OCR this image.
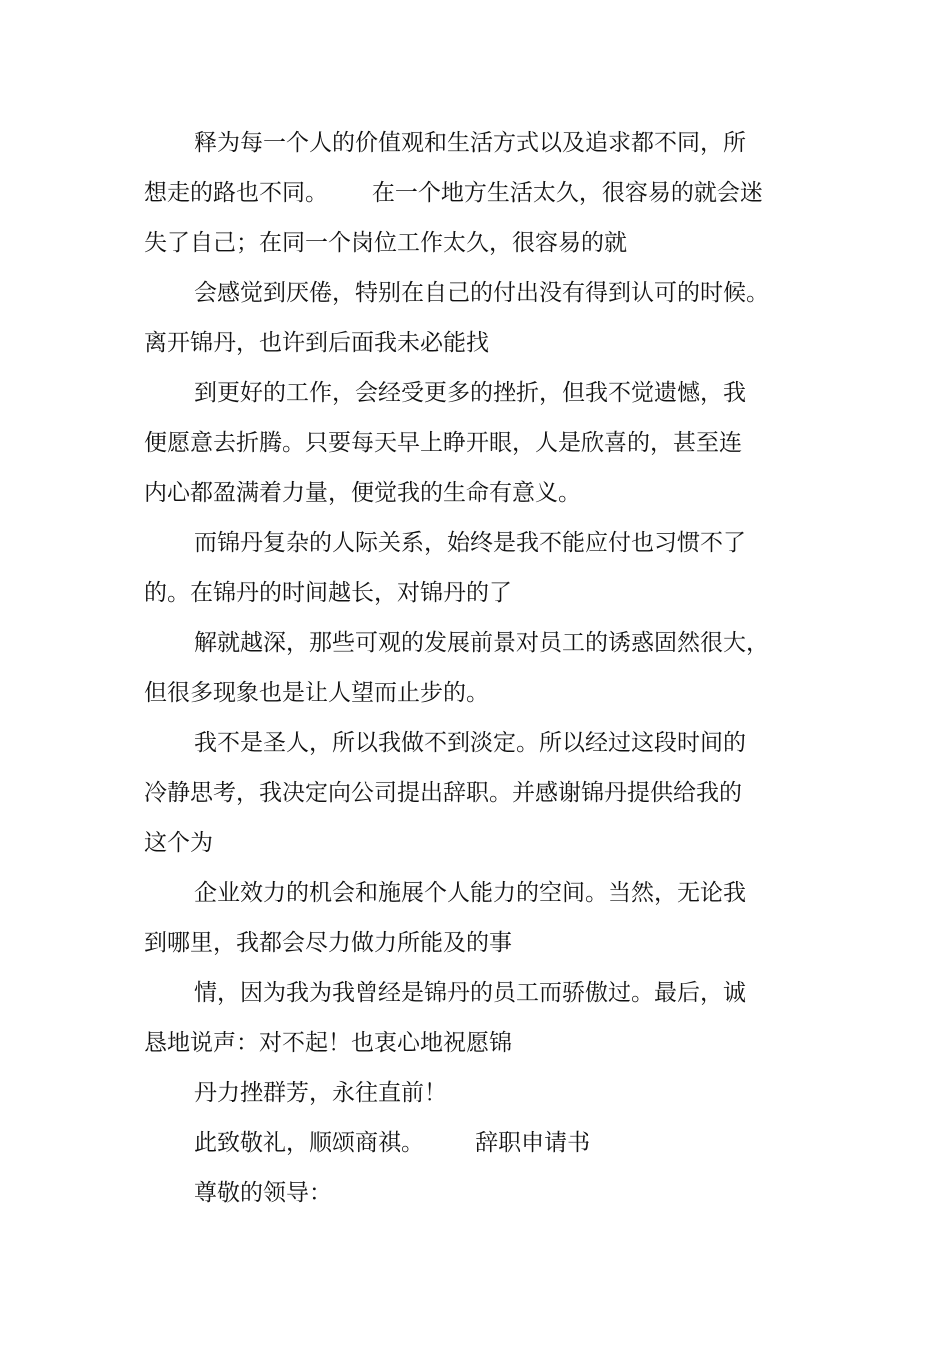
释为每一个人的价值观和生活方式以及追求都不同，所
想走的路也不同。      在一个地方生活太久，很容易的就会迷
失了自己；在同一个岗位工作太久，很容易的就

会感觉到厌倦，特别在自己的付出没有得到认可的时候。
离开锦丹，也许到后面我未必能找

到更好的工作，会经受更多的挫折，但我不觉遗憾，我
便愿意去折腾。只要每天早上睁开眼，人是欣喜的，甚至连
内心都盈满着力量，便觉我的生命有意义。

而锦丹复杂的人际关系，始终是我不能应付也习惯不了
的。在锦丹的时间越长，对锦丹的了

解就越深，那些可观的发展前景对员工的诱惑固然很大，
但很多现象也是让人望而止步的。

我不是圣人，所以我做不到淡定。所以经过这段时间的
冷静思考，我决定向公司提出辞职。并感谢锦丹提供给我的
这个为

企业效力的机会和施展个人能力的空间。当然，无论我
到哪里，我都会尽力做力所能及的事

情，因为我为我曾经是锦丹的员工而骄傲过。最后，诚
恳地说声：对不起！也衷心地祝愿锦

丹力挫群芳，永往直前！

此致敬礼，顺颂商祺。       辞职申请书

尊敬的领导：
